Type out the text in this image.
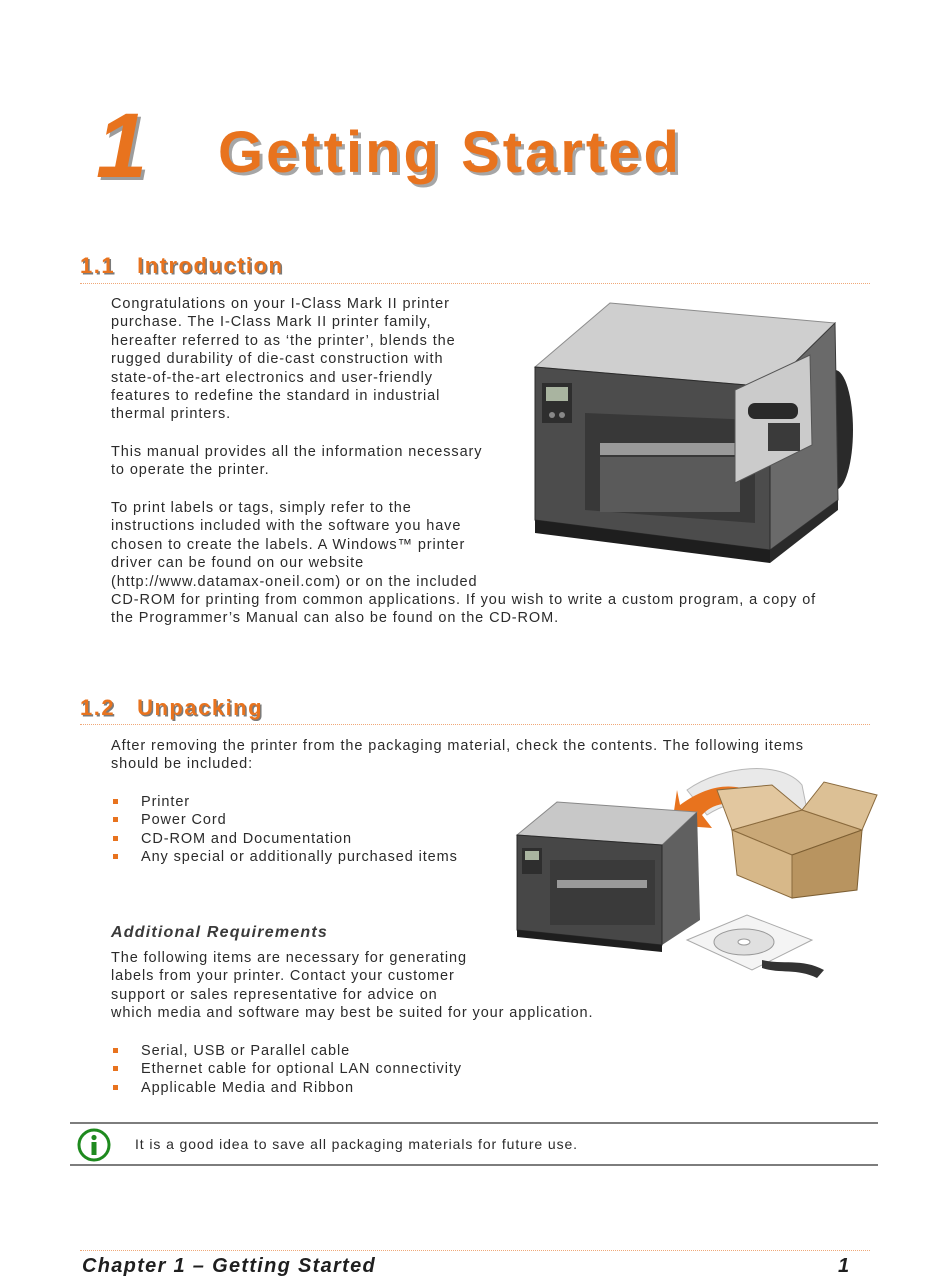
1 Getting Started
1.1 Introduction
Congratulations on your I-Class Mark II printer
purchase. The I-Class Mark II printer family,
hereafter referred to as ‘the printer’, blends the
rugged durability of die-cast construction with
state-of-the-art electronics and user-friendly
features to redefine the standard in industrial
thermal printers.
This manual provides all the information necessary
to operate the printer.
To print labels or tags, simply refer to the
instructions included with the software you have
chosen to create the labels. A Windows™ printer
driver can be found on our website
(http://www.datamax-oneil.com) or on the included
CD-ROM for printing from common applications. If you wish to write a custom program, a copy of
the Programmer’s Manual can also be found on the CD-ROM.
1.2 Unpacking
After removing the printer from the packaging material, check the contents. The following items
should be included:
Printer
Power Cord
CD-ROM and Documentation
Any special or additionally purchased items
Additional Requirements
The following items are necessary for generating
labels from your printer. Contact your customer
support or sales representative for advice on
which media and software may best be suited for your application.
Serial, USB or Parallel cable
Ethernet cable for optional LAN connectivity
Applicable Media and Ribbon
It is a good idea to save all packaging materials for future use.
Chapter 1 – Getting Started	1
